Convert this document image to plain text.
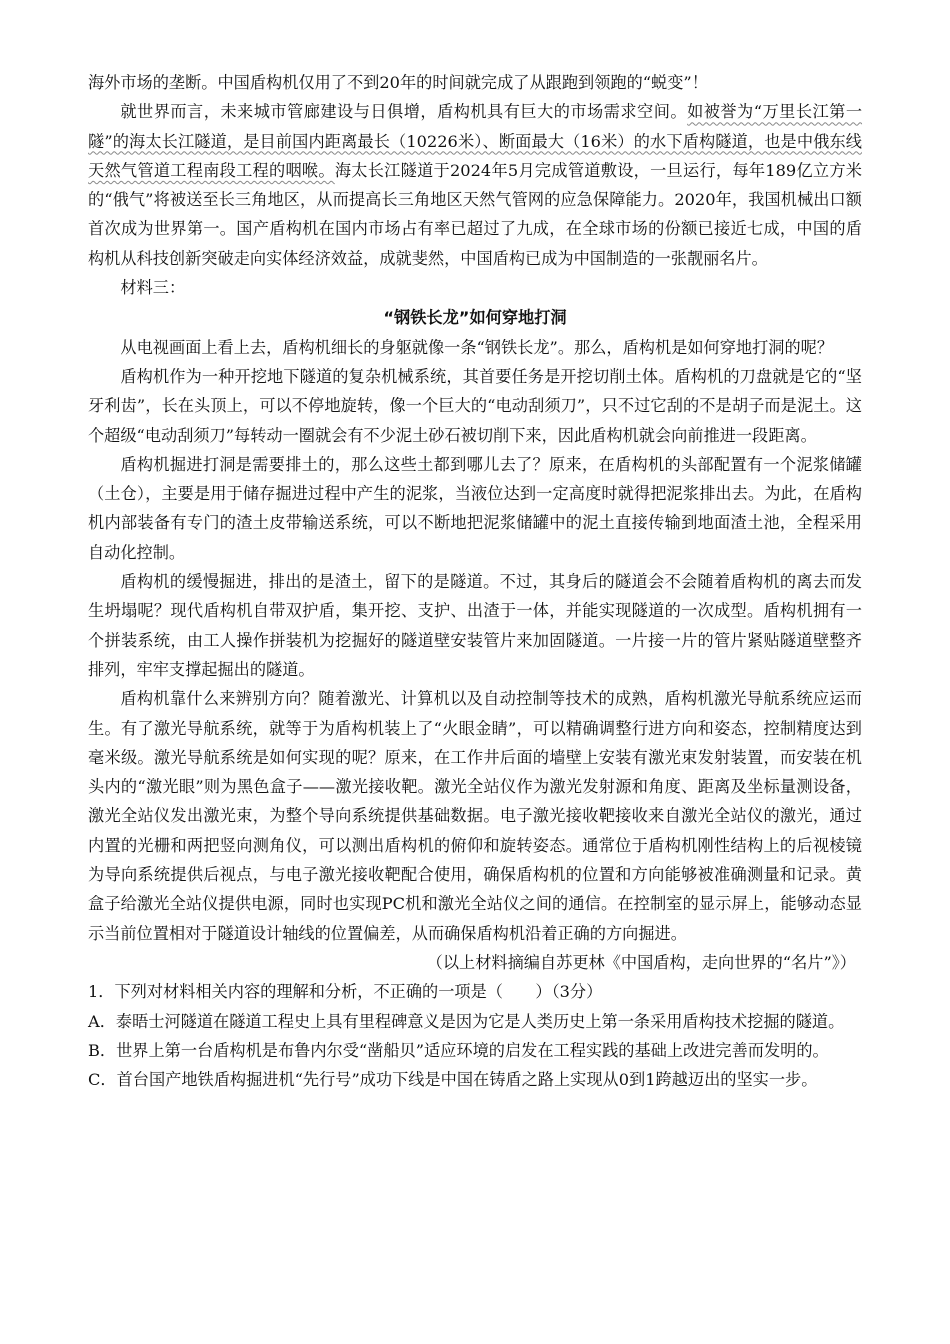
海外市场的垄断。中国盾构机仅用了不到20年的时间就完成了从跟跑到领跑的“蜕变”！

就世界而言，未来城市管廊建设与日俱增，盾构机具有巨大的市场需求空间。如被誉为“万里长江第一隧”的海太长江隧道，是目前国内距离最长（10226米）、断面最大（16米）的水下盾构隧道，也是中俄东线天然气管道工程南段工程的咽喉。海太长江隧道于2024年5月完成管道敷设，一旦运行，每年189亿立方米的“俄气”将被送至长三角地区，从而提高长三角地区天然气管网的应急保障能力。2020年，我国机械出口额首次成为世界第一。国产盾构机在国内市场占有率已超过了九成，在全球市场的份额已接近七成，中国的盾构机从科技创新突破走向实体经济效益，成就斐然，中国盾构已成为中国制造的一张靓丽名片。

材料三：

“钢铁长龙”如何穿地打洞

从电视画面上看上去，盾构机细长的身躯就像一条“钢铁长龙”。那么，盾构机是如何穿地打洞的呢？

盾构机作为一种开挖地下隧道的复杂机械系统，其首要任务是开挖切削土体。盾构机的刀盘就是它的“坚牙利齿”，长在头顶上，可以不停地旋转，像一个巨大的“电动刮须刀”，只不过它刮的不是胡子而是泥土。这个超级“电动刮须刀”每转动一圈就会有不少泥土砂石被切削下来，因此盾构机就会向前推进一段距离。

盾构机掘进打洞是需要排土的，那么这些土都到哪儿去了？原来，在盾构机的头部配置有一个泥浆储罐（土仓），主要是用于储存掘进过程中产生的泥浆，当液位达到一定高度时就得把泥浆排出去。为此，在盾构机内部装备有专门的渣土皮带输送系统，可以不断地把泥浆储罐中的泥土直接传输到地面渣土池，全程采用自动化控制。

盾构机的缓慢掘进，排出的是渣土，留下的是隧道。不过，其身后的隧道会不会随着盾构机的离去而发生坍塌呢？现代盾构机自带双护盾，集开挖、支护、出渣于一体，并能实现隧道的一次成型。盾构机拥有一个拼装系统，由工人操作拼装机为挖掘好的隧道壁安装管片来加固隧道。一片接一片的管片紧贴隧道壁整齐排列，牢牢支撑起掘出的隧道。

盾构机靠什么来辨别方向？随着激光、计算机以及自动控制等技术的成熟，盾构机激光导航系统应运而生。有了激光导航系统，就等于为盾构机装上了“火眼金睛”，可以精确调整行进方向和姿态，控制精度达到毫米级。激光导航系统是如何实现的呢？原来，在工作井后面的墙壁上安装有激光束发射装置，而安装在机头内的“激光眼”则为黑色盒子——激光接收靶。激光全站仪作为激光发射源和角度、距离及坐标量测设备，激光全站仪发出激光束，为整个导向系统提供基础数据。电子激光接收靶接收来自激光全站仪的激光，通过内置的光栅和两把竖向测角仪，可以测出盾构机的俯仰和旋转姿态。通常位于盾构机刚性结构上的后视棱镜为导向系统提供后视点，与电子激光接收靶配合使用，确保盾构机的位置和方向能够被准确测量和记录。黄盒子给激光全站仪提供电源，同时也实现PC机和激光全站仪之间的通信。在控制室的显示屏上，能够动态显示当前位置相对于隧道设计轴线的位置偏差，从而确保盾构机沿着正确的方向掘进。

（以上材料摘编自苏更林《中国盾构，走向世界的“名片”》）

1．下列对材料相关内容的理解和分析，不正确的一项是（　　）（3分）

A．泰晤士河隧道在隧道工程史上具有里程碑意义是因为它是人类历史上第一条采用盾构技术挖掘的隧道。

B．世界上第一台盾构机是布鲁内尔受“凿船贝”适应环境的启发在工程实践的基础上改进完善而发明的。

C．首台国产地铁盾构掘进机“先行号”成功下线是中国在铸盾之路上实现从0到1跨越迈出的坚实一步。
